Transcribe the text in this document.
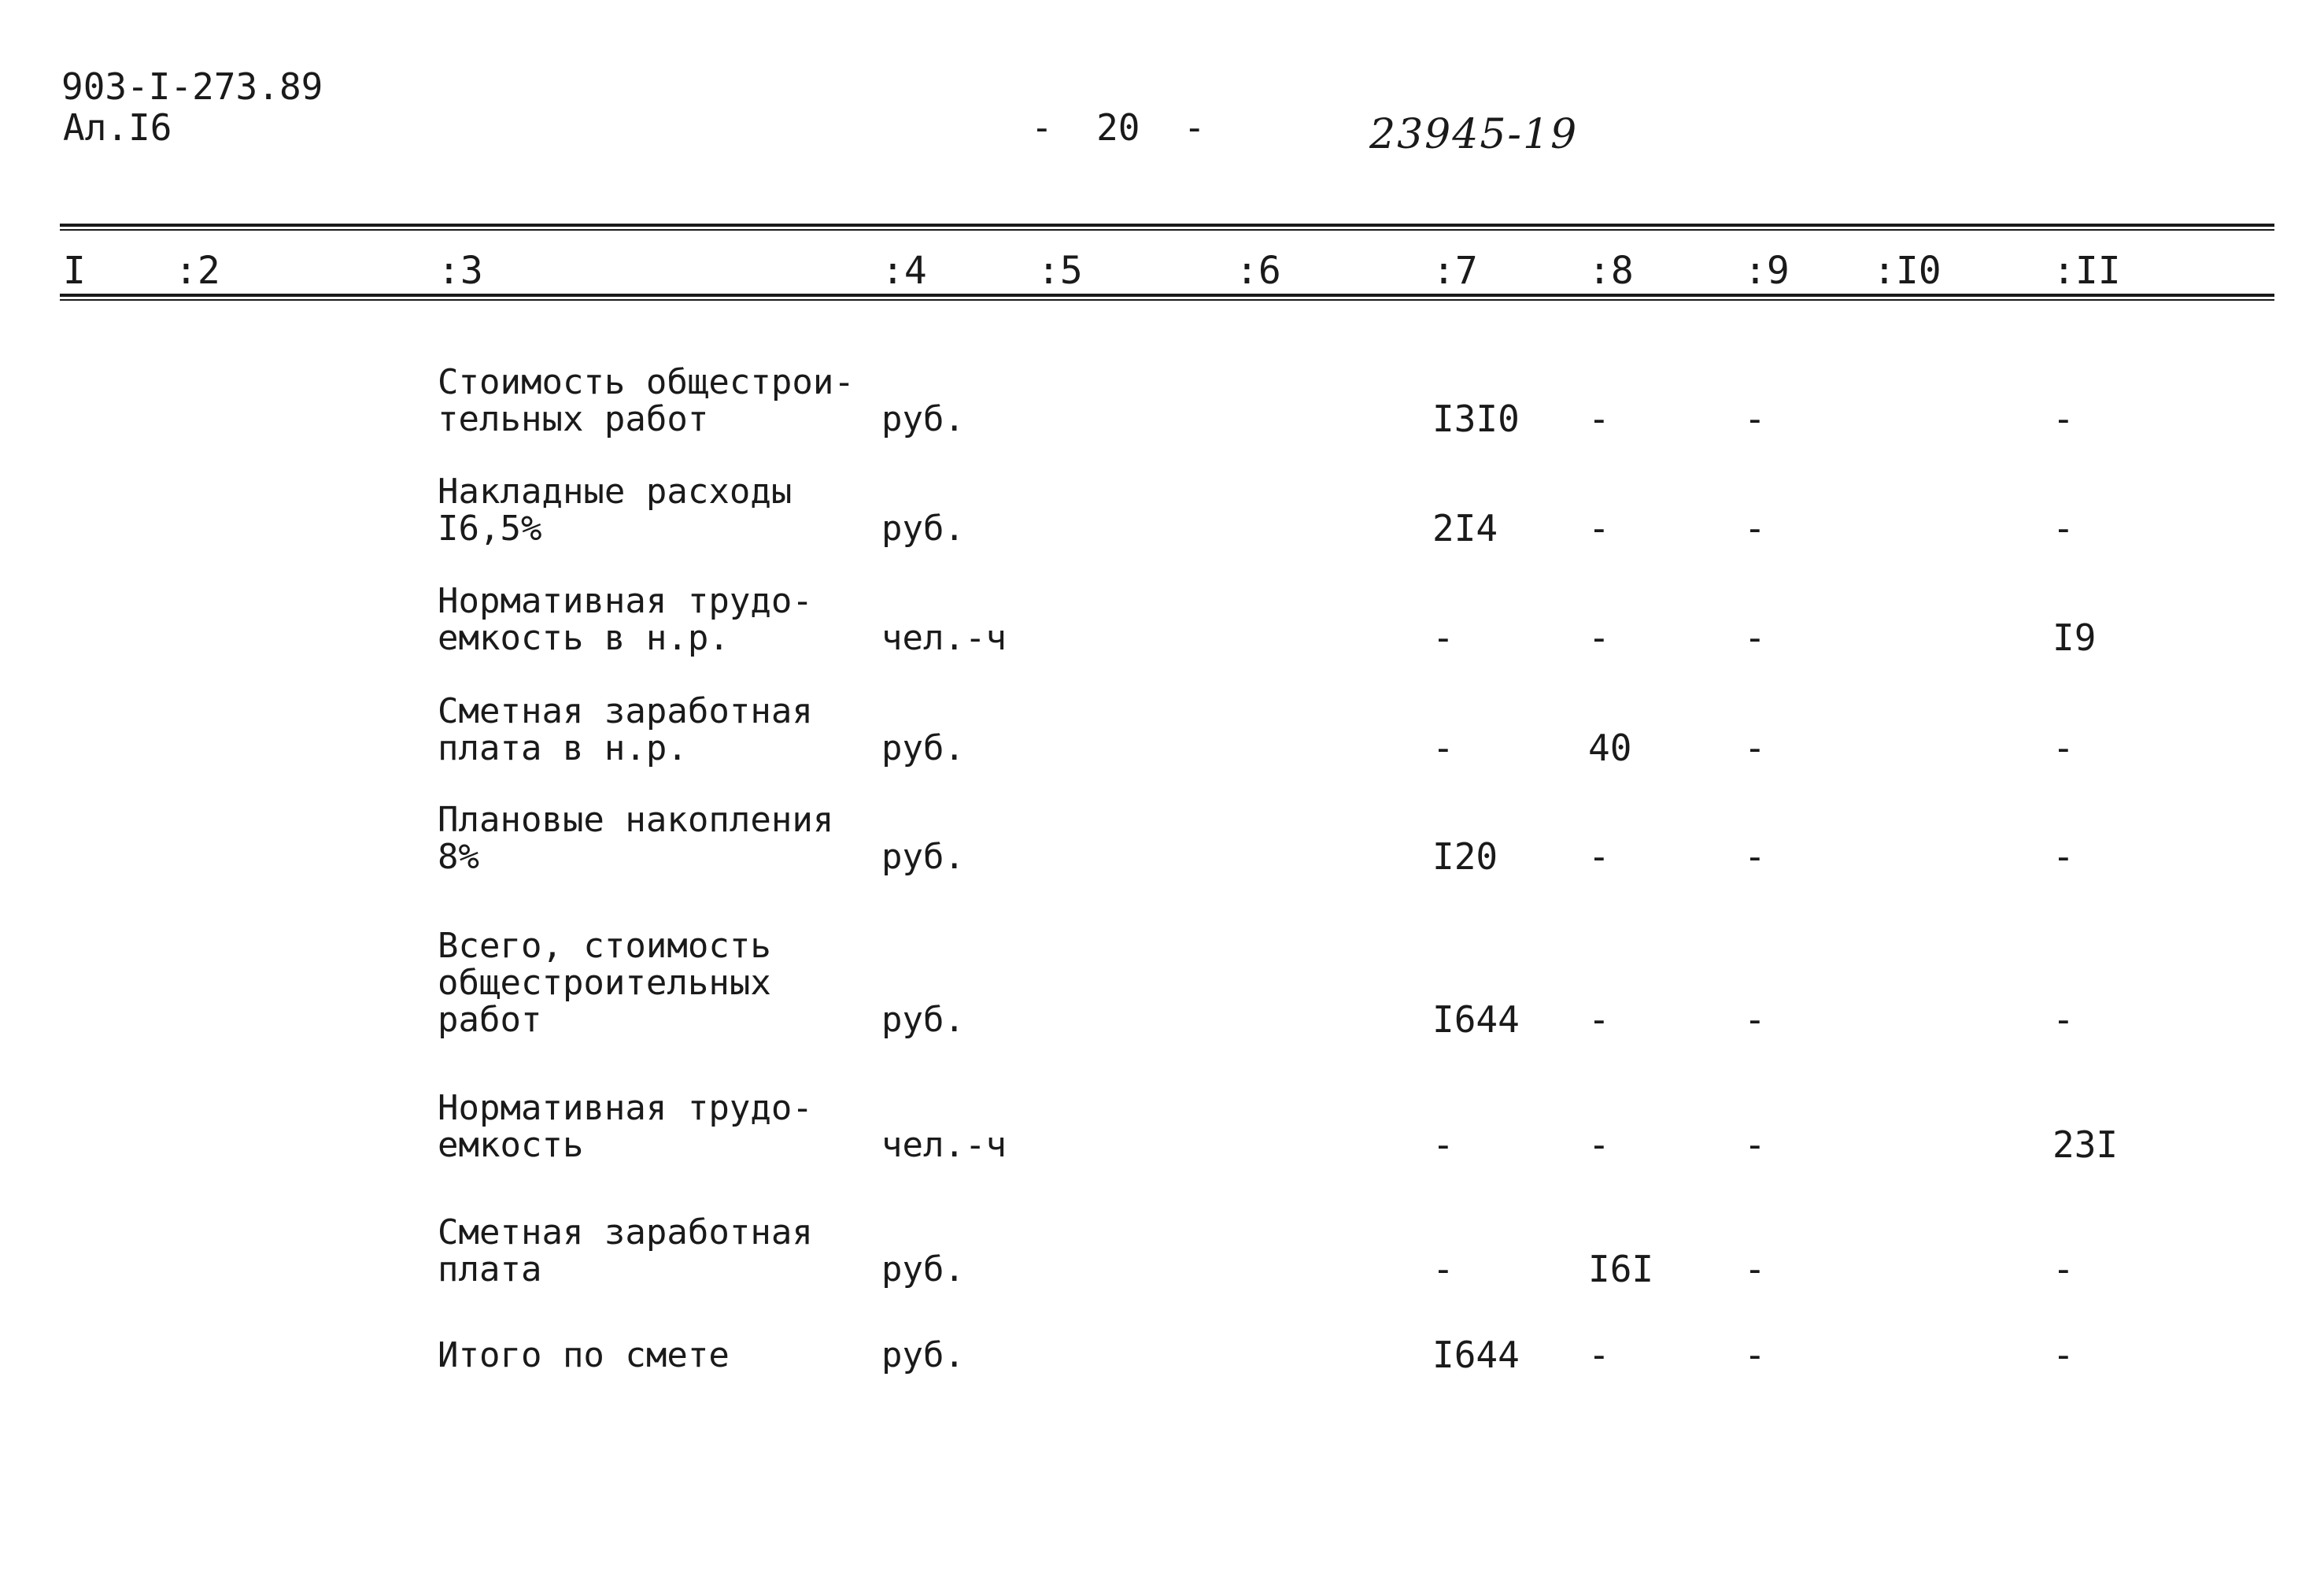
903-I-273.89
Ал.I6	-  20  -	23945-19
I :2	:3	:4	:5	:6	:7	:8	:9 :I0	:II
Стоимость общестрои-
тельных работ	руб.	I3I0 -	-	-
Накладные расходы
I6,5%	руб.	2I4 -	-	-
Нормативная трудо-
емкость в н.р.	чел.-ч	-	-	-	I9
Сметная заработная
плата в н.р.	руб.	-	40	-	-
Плановые накопления
8%	руб.	I20 -	-	-
Всего, стоимость
общестроительных
работ	руб.	I644 -	-	-
Нормативная трудо-
емкость	чел.-ч	-	-	-	23I
Сметная заработная
плата	руб.	-	I6I -	-
Итого по смете	руб.	I644 -	-	-
